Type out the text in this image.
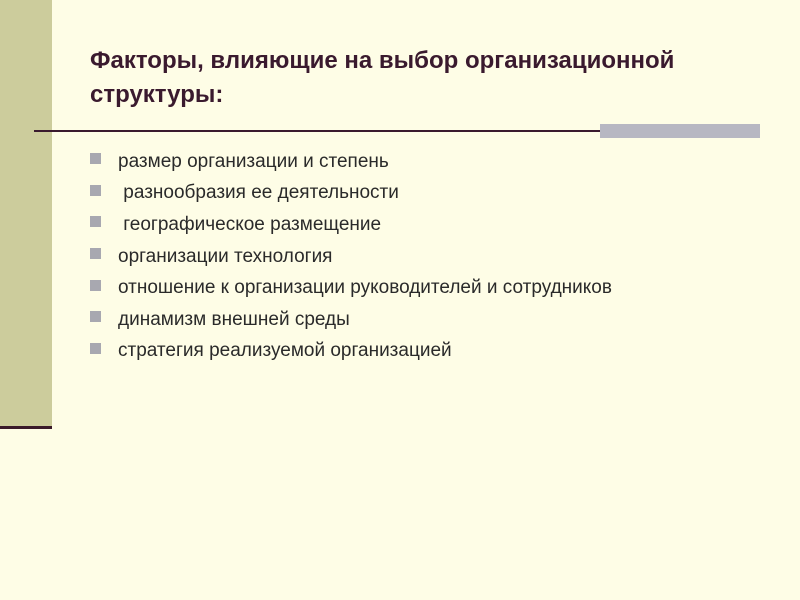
Факторы, влияющие на выбор организационной структуры:
размер организации и степень
разнообразия ее деятельности
географическое размещение
организации технология
отношение к организации руководителей и сотрудников
динамизм внешней среды
стратегия реализуемой организацией
